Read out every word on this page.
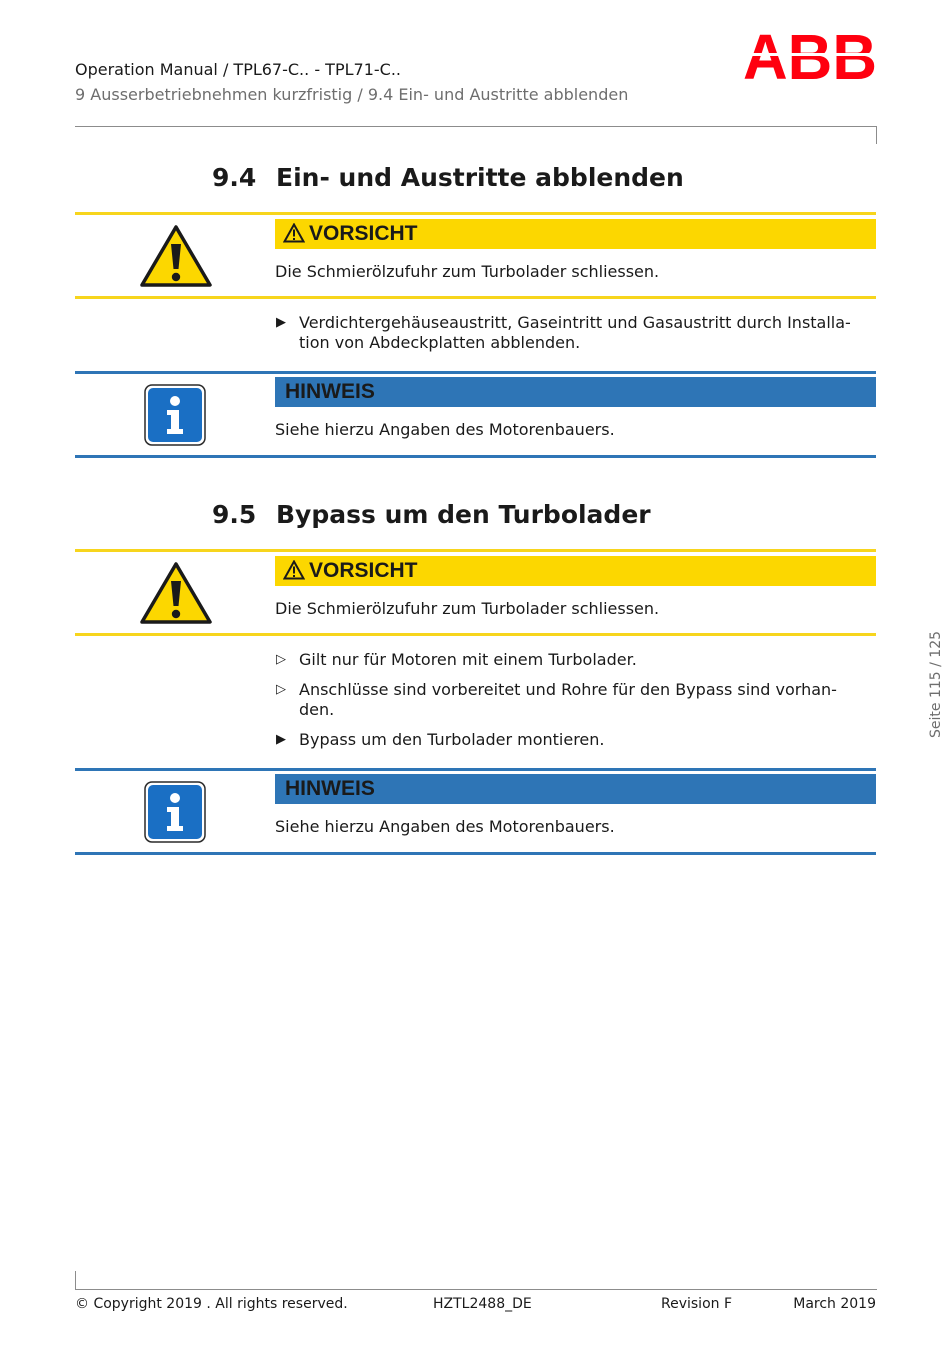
Operation Manual / TPL67-C.. - TPL71-C..
9 Ausserbetriebnehmen kurzfristig / 9.4 Ein- und Austritte abblenden
9.4 Ein- und Austritte abblenden
VORSICHT
Die Schmierölzufuhr zum Turbolader schliessen.
▶ Verdichtergehäuseaustritt, Gaseintritt und Gasaustritt durch Installa-
tion von Abdeckplatten abblenden.
HINWEIS
Siehe hierzu Angaben des Motorenbauers.
9.5 Bypass um den Turbolader
VORSICHT
Die Schmierölzufuhr zum Turbolader schliessen.
▷ Gilt nur für Motoren mit einem Turbolader.
▷ Anschlüsse sind vorbereitet und Rohre für den Bypass sind vorhan-
den.
▶ Bypass um den Turbolader montieren.
HINWEIS
Siehe hierzu Angaben des Motorenbauers.
Seite 115 / 125
© Copyright 2019 . All rights reserved.	HZTL2488_DE	Revision F	March 2019
